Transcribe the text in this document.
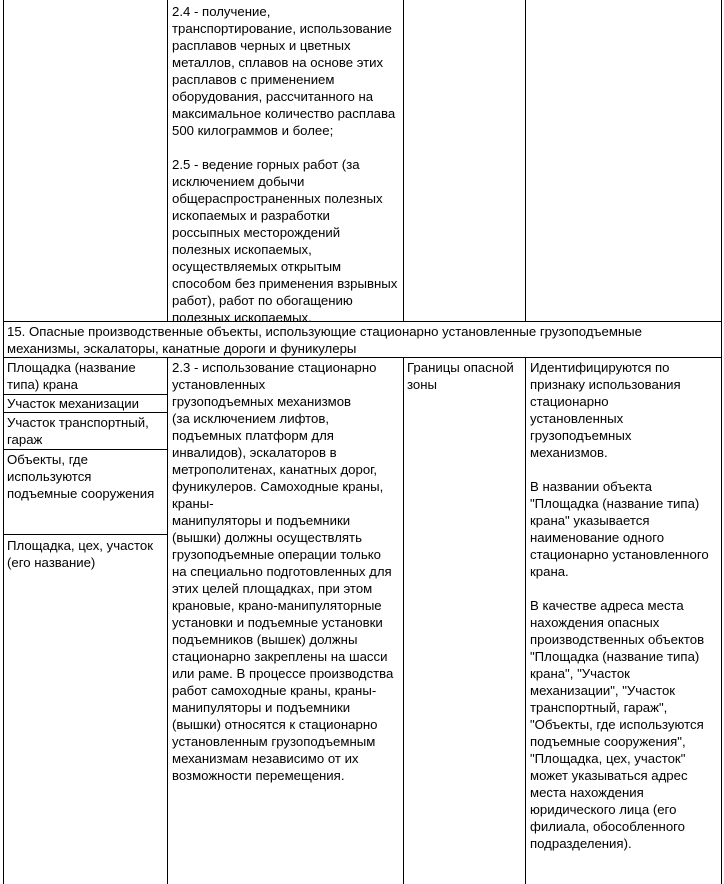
2.4 - получение,
транспортирование, использование
расплавов черных и цветных
металлов, сплавов на основе этих
расплавов с применением
оборудования, рассчитанного на
максимальное количество расплава
500 килограммов и более;

2.5 - ведение горных работ (за
исключением добычи
общераспространенных полезных
ископаемых и разработки
россыпных месторождений
полезных ископаемых,
осуществляемых открытым
способом без применения взрывных
работ), работ по обогащению
полезных ископаемых.
15. Опасные производственные объекты, использующие стационарно установленные грузоподъемные
механизмы, эскалаторы, канатные дороги и фуникулеры
Площадка (название
типа) крана
Участок механизации
Участок транспортный,
гараж
Объекты, где
используются
подъемные сооружения
Площадка, цех, участок
(его название)
2.3 - использование стационарно
установленных
грузоподъемных механизмов
(за исключением лифтов,
подъемных платформ для
инвалидов), эскалаторов в
метрополитенах, канатных дорог,
фуникулеров. Самоходные краны,
краны-
манипуляторы и подъемники
(вышки) должны осуществлять
грузоподъемные операции только
на специально подготовленных для
этих целей площадках, при этом
крановые, крано-манипуляторные
установки и подъемные установки
подъемников (вышек) должны
стационарно закреплены на шасси
или раме. В процессе производства
работ самоходные краны, краны-
манипуляторы и подъемники
(вышки) относятся к стационарно
установленным грузоподъемным
механизмам независимо от их
возможности перемещения.
Границы опасной
зоны
Идентифицируются по
признаку использования
стационарно
установленных
грузоподъемных
механизмов.

В названии объекта
"Площадка (название типа)
крана" указывается
наименование одного
стационарно установленного
крана.

В качестве адреса места
нахождения опасных
производственных объектов
"Площадка (название типа)
крана", "Участок
механизации", "Участок
транспортный, гараж",
"Объекты, где используются
подъемные сооружения",
"Площадка, цех, участок"
может указываться адрес
места нахождения
юридического лица (его
филиала, обособленного
подразделения).
